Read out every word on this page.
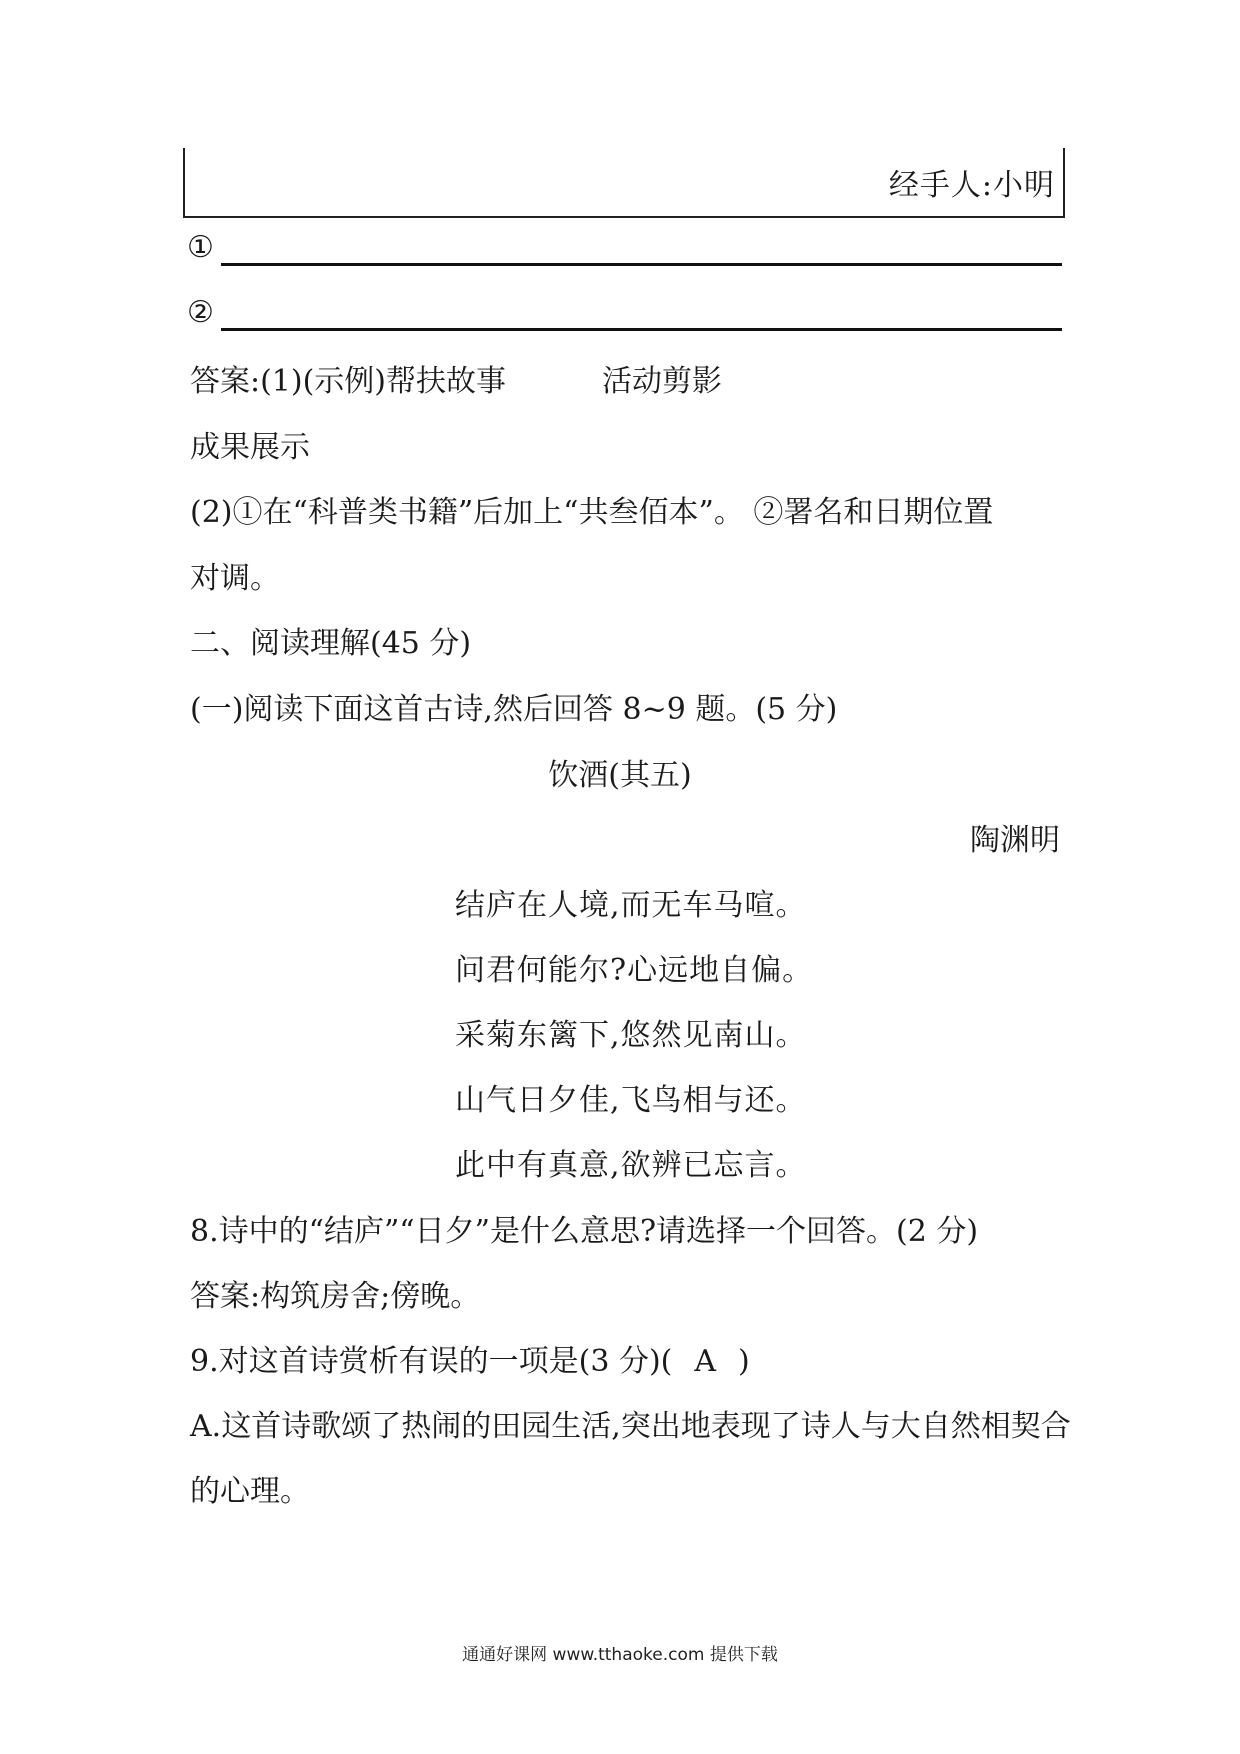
经手人:小明
①
②
答案:(1)(示例)帮扶故事	活动剪影
成果展示
(2)①在“科普类书籍”后加上“共叁佰本”。 ②署名和日期位置
对调。
二、阅读理解(45 分)
(一)阅读下面这首古诗,然后回答 8~9 题。(5 分)
饮酒(其五)
陶渊明
结庐在人境,而无车马喧。
问君何能尔?心远地自偏。
采菊东篱下,悠然见南山。
山气日夕佳,飞鸟相与还。
此中有真意,欲辨已忘言。
8.诗中的“结庐”“日夕”是什么意思?请选择一个回答。(2 分)
答案:构筑房舍;傍晚。
9.对这首诗赏析有误的一项是(3 分)( A )
A.这首诗歌颂了热闹的田园生活,突出地表现了诗人与大自然相契合
的心理。
通通好课网 www.tthaoke.com 提供下载
